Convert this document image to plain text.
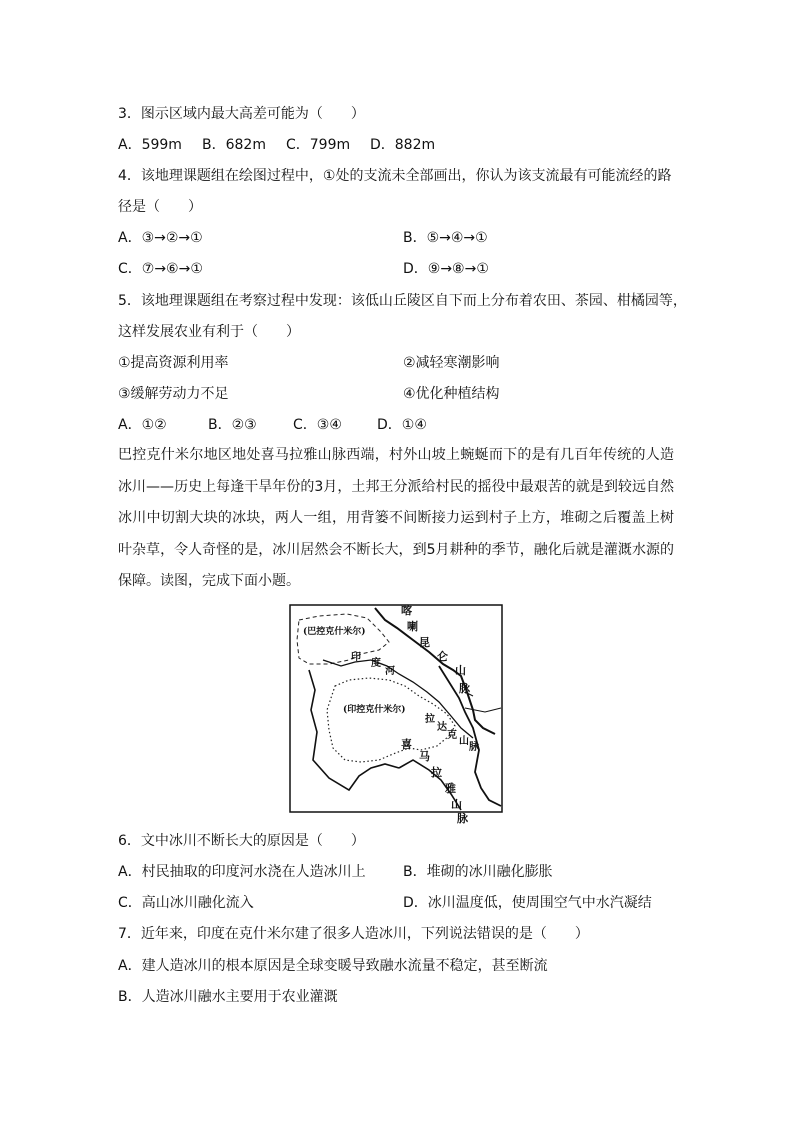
3．图示区域内最大高差可能为（　　）
A．599m B．682m C．799m D．882m
4．该地理课题组在绘图过程中，①处的支流未全部画出，你认为该支流最有可能流经的路
径是（　　）
A．③→②→①	B．⑤→④→①
C．⑦→⑥→①	D．⑨→⑧→①
5．该地理课题组在考察过程中发现：该低山丘陵区自下而上分布着农田、茶园、柑橘园等，
这样发展农业有利于（　　）
①提高资源利用率	②减轻寒潮影响
③缓解劳动力不足	④优化种植结构
A．①②	B．②③	C．③④	D．①④
巴控克什米尔地区地处喜马拉雅山脉西端，村外山坡上蜿蜒而下的是有几百年传统的人造冰川——历史上每逢干旱年份的3月，土邦王分派给村民的摇役中最艰苦的就是到较远自然冰川中切割大块的冰块，两人一组，用背篓不间断接力运到村子上方，堆砌之后覆盖上树叶杂草，令人奇怪的是，冰川居然会不断长大，到5月耕种的季节，融化后就是灌溉水源的保障。读图，完成下面小题。
(巴控克什米尔)
(印控克什米尔)
喀
喇
昆
仑
山
脉
印
度
河
拉
达
克
山
脉
喜
马
拉
雅
山
脉
6．文中冰川不断长大的原因是（　　）
A．村民抽取的印度河水浇在人造冰川上	B．堆砌的冰川融化膨胀
C．高山冰川融化流入	D．冰川温度低，使周围空气中水汽凝结
7．近年来，印度在克什米尔建了很多人造冰川，下列说法错误的是（　　）
A．建人造冰川的根本原因是全球变暖导致融水流量不稳定，甚至断流
B．人造冰川融水主要用于农业灌溉
